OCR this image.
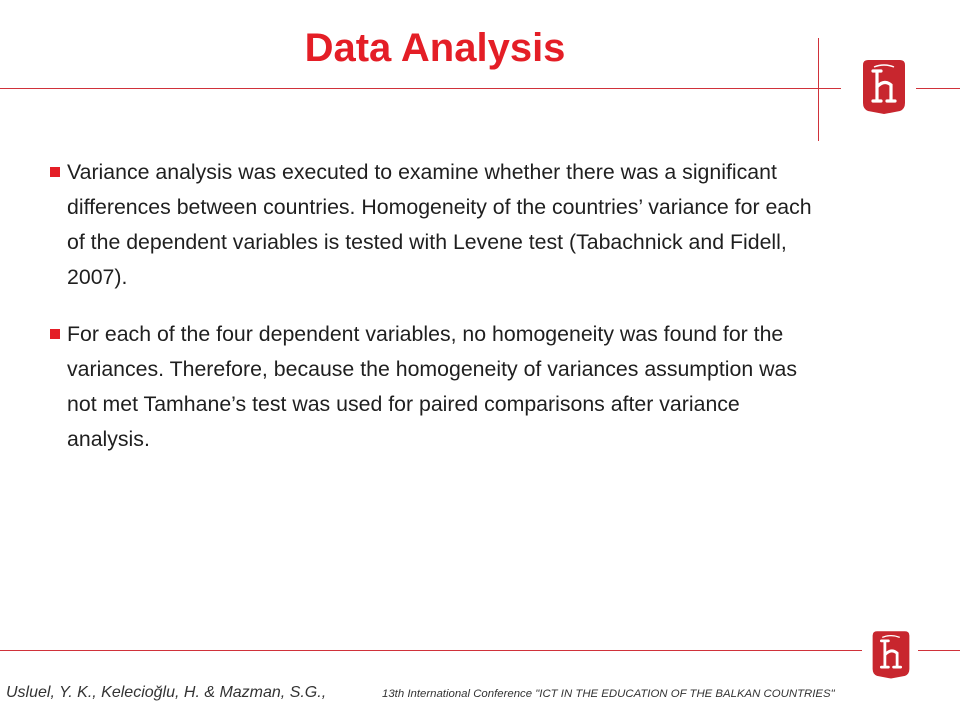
Data Analysis
Variance analysis was executed to examine whether there was a significant differences between countries. Homogeneity of the countries’ variance for each of the dependent variables is tested with Levene test (Tabachnick and Fidell, 2007).
For each of the four dependent variables, no homogeneity was found for the variances. Therefore, because the homogeneity of variances assumption was not met Tamhane’s test was used for paired comparisons after variance analysis.
Usluel, Y. K., Kelecioğlu, H. & Mazman, S.G.,	13th International Conference "ICT IN THE EDUCATION OF THE BALKAN COUNTRIES"
